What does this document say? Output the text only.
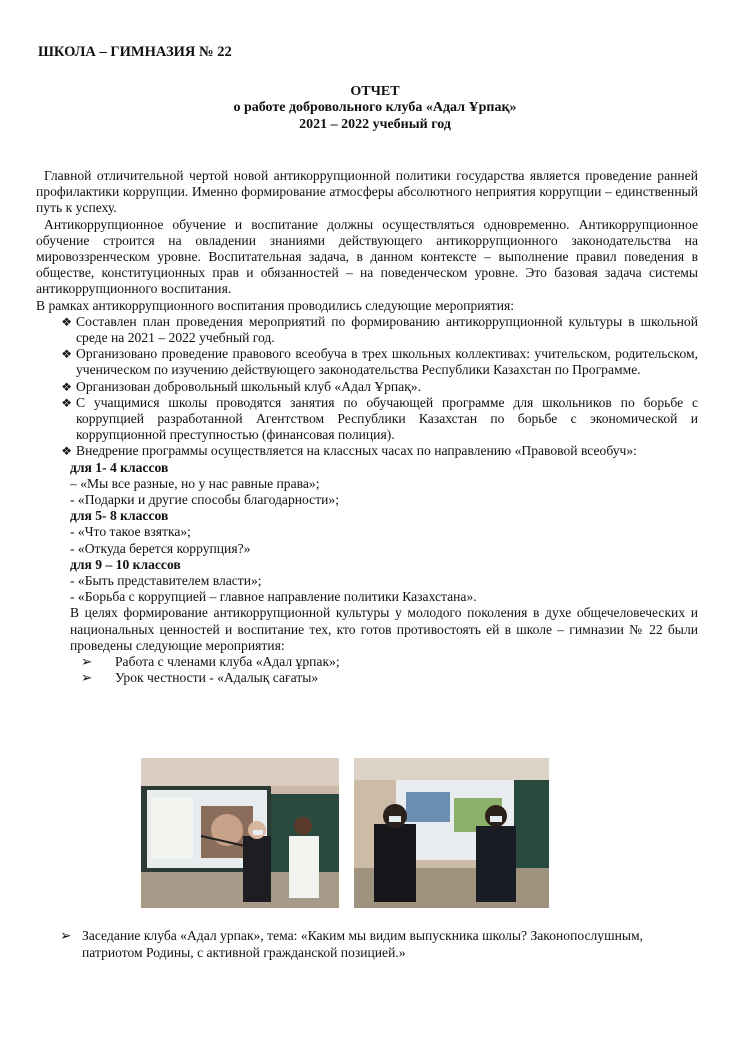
ШКОЛА – ГИМНАЗИЯ № 22
ОТЧЕТ
о работе добровольного клуба «Адал Ұрпақ»
2021 – 2022 учебный год

Главной отличительной чертой новой антикоррупционной политики государства является проведение ранней профилактики коррупции. Именно формирование атмосферы абсолютного неприятия коррупции – единственный путь к успеху.

Антикоррупционное обучение и воспитание должны осуществляться одновременно. Антикоррупционное обучение строится на овладении знаниями действующего антикоррупционного законодательства на мировоззренческом уровне. Воспитательная задача, в данном контексте – выполнение правил поведения в обществе, конституционных прав и обязанностей – на поведенческом уровне. Это базовая задача системы антикоррупционного воспитания.

В рамках антикоррупционного воспитания проводились следующие мероприятия:

❖ Составлен план проведения мероприятий по формированию антикоррупционной культуры в школьной среде на 2021 – 2022 учебный год.
❖ Организовано проведение правового всеобуча в трех школьных коллективах: учительском, родительском, ученическом по изучению действующего законодательства Республики Казахстан по Программе.
❖ Организован добровольный школьный клуб «Адал Ұрпақ».
❖ С учащимися школы проводятся занятия по обучающей программе для школьников по борьбе с коррупцией разработанной Агентством Республики Казахстан по борьбе с экономической и коррупционной преступностью (финансовая полиция).
❖ Внедрение программы осуществляется на классных часах по направлению «Правовой всеобуч»:
для 1- 4 классов
– «Мы все разные, но у нас равные права»;
- «Подарки и другие способы благодарности»;
для 5- 8 классов
- «Что такое взятка»;
- «Откуда берется коррупция?»
для 9 – 10 классов
- «Быть представителем власти»;
- «Борьба с коррупцией – главное направление политики Казахстана».

В целях формирование антикоррупционной культуры у молодого поколения в духе общечеловеческих и национальных ценностей и воспитание тех, кто готов противостоять ей в школе – гимназии № 22 были проведены следующие мероприятия:

➢	Работа с членами клуба «Адал ұрпак»;
➢	Урок честности - «Адалық сағаты»
➢ Заседание клуба «Адал урпак», тема: «Каким мы видим выпускника школы? Законопослушным, патриотом Родины, с активной гражданской позицией.»
